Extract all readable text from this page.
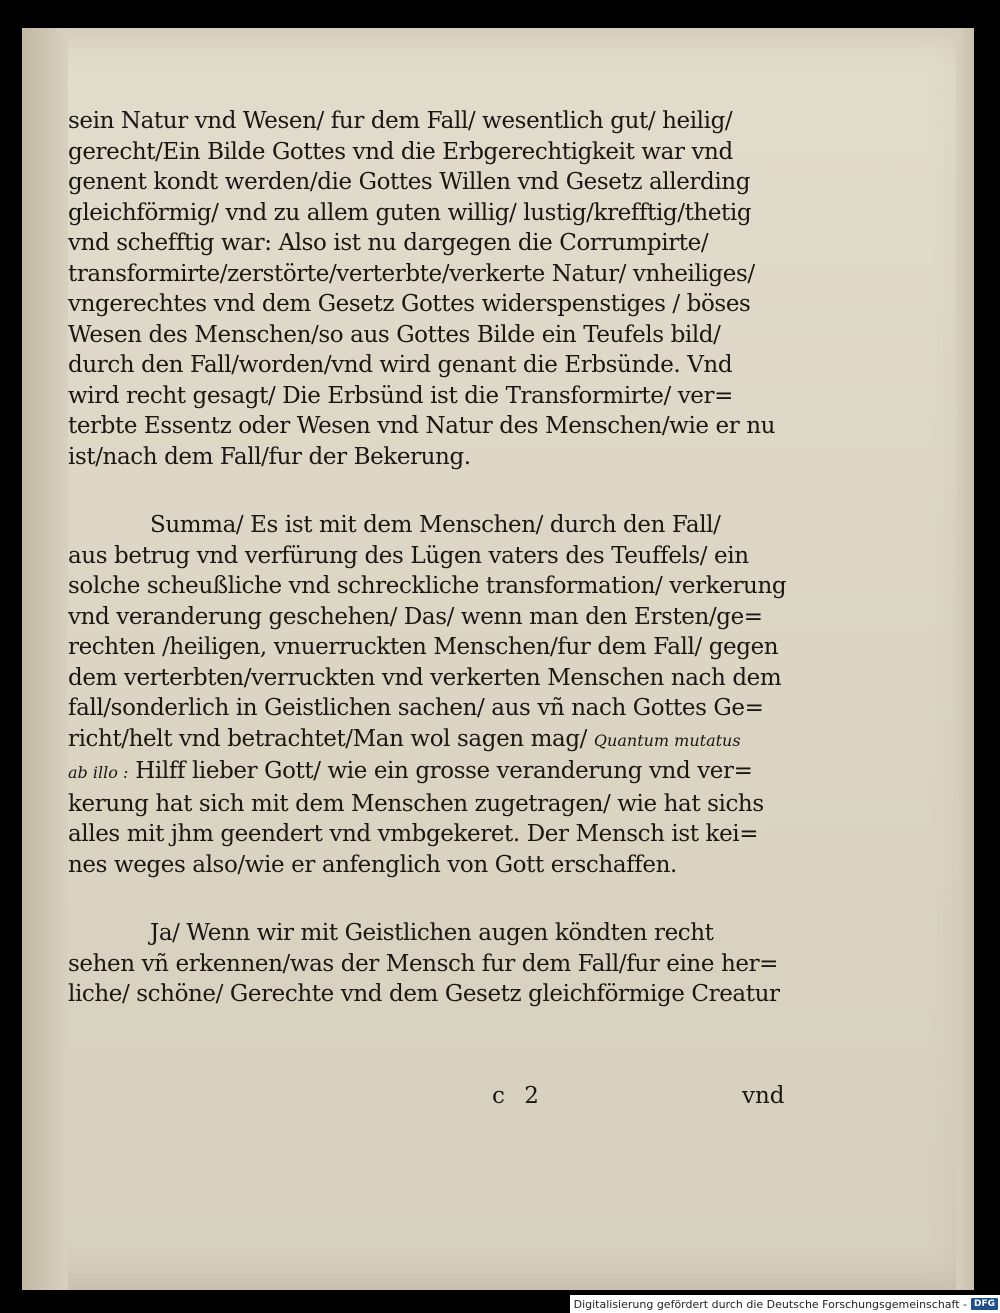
sein Natur vnd Wesen/ fur dem Fall/ wesentlich gut/ heilig/
gerecht/Ein Bilde Gottes vnd die Erbgerechtigkeit war vnd
genent kondt werden/die Gottes Willen vnd Gesetz allerding
gleichförmig/ vnd zu allem guten willig/ lustig/krefftig/thetig
vnd schefftig war: Also ist nu dargegen die Corrumpirte/
transformirte/zerstörte/verterbte/verkerte Natur/ vnheiliges/
vngerechtes vnd dem Gesetz Gottes widerspenstiges / böses
Wesen des Menschen/so aus Gottes Bilde ein Teufels bild/
durch den Fall/worden/vnd wird genant die Erbsünde. Vnd
wird recht gesagt/ Die Erbsünd ist die Transformirte/ ver=
terbte Essentz oder Wesen vnd Natur des Menschen/wie er nu
ist/nach dem Fall/fur der Bekerung.
Summa/ Es ist mit dem Menschen/ durch den Fall/
aus betrug vnd verfürung des Lügen vaters des Teuffels/ ein
solche scheußliche vnd schreckliche transformation/ verkerung
vnd veranderung geschehen/ Das/ wenn man den Ersten/ge=
rechten /heiligen, vnuerruckten Menschen/fur dem Fall/ gegen
dem verterbten/verruckten vnd verkerten Menschen nach dem
fall/sonderlich in Geistlichen sachen/ aus vñ nach Gottes Ge=
richt/helt vnd betrachtet/Man wol sagen mag/ Quantum mutatus
ab illo : Hilff lieber Gott/ wie ein grosse veranderung vnd ver=
kerung hat sich mit dem Menschen zugetragen/ wie hat sichs
alles mit jhm geendert vnd vmbgekeret. Der Mensch ist kei=
nes weges also/wie er anfenglich von Gott erschaffen.
Ja/ Wenn wir mit Geistlichen augen köndten recht
sehen vñ erkennen/was der Mensch fur dem Fall/fur eine her=
liche/ schöne/ Gerechte vnd dem Gesetz gleichförmige Creatur
c 2	vnd
Digitalisierung gefördert durch die Deutsche Forschungsgemeinschaft - DFG
